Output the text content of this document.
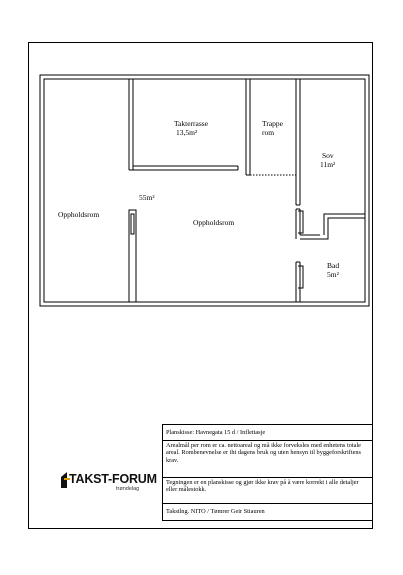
Takterrasse
13,5m²
Trappe
rom
Sov
11m²
55m²
Oppholdsrom
Oppholdsrom
Bad
5m²
Planskisse: Havnegata 15 d / Inflettasje
Arealmål per rom er ca. nettoareal og må ikke forveksles med enhetens totale areal. Rombenevnelse er iht dagens bruk og uten hensyn til byggeforskriftens krav.
Tegningen er en planskisse og gjør ikke krav på å være korrekt i alle detaljer eller målestokk.
Takstlng. NITO / Tømrer Geir Stiauren
TAKST-FORUM
trøndelag
